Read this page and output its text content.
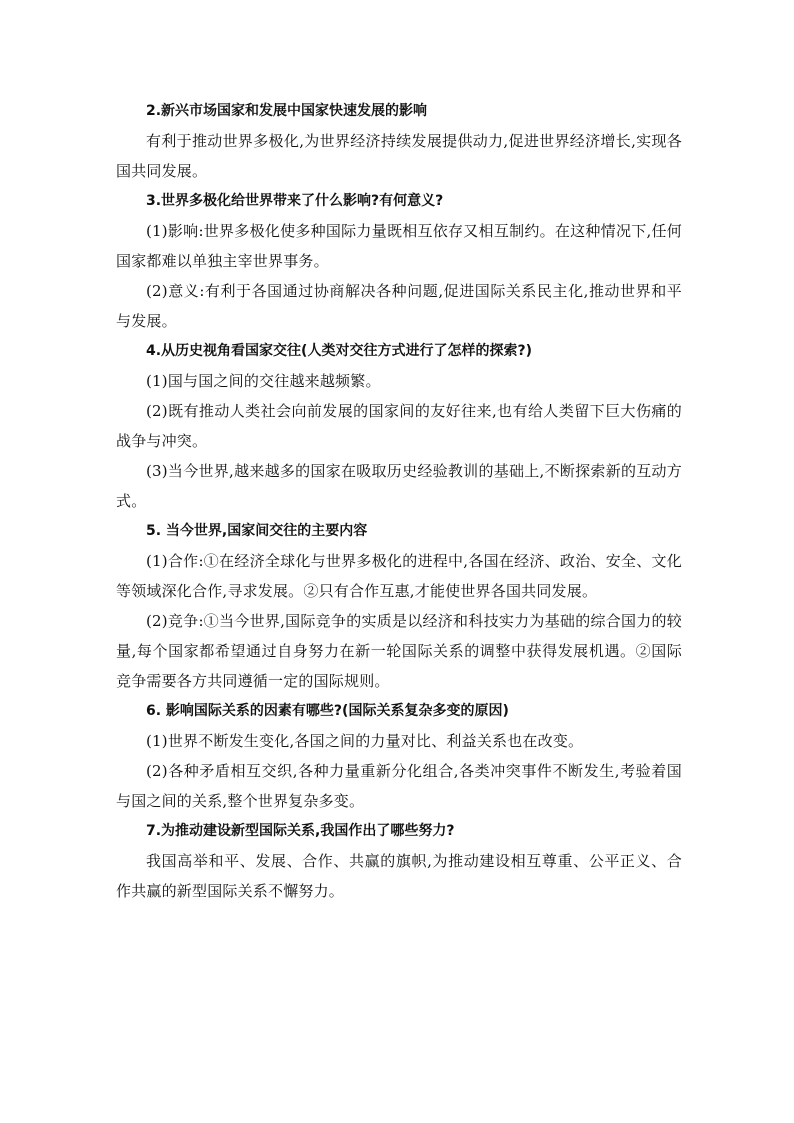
2.新兴市场国家和发展中国家快速发展的影响

有利于推动世界多极化,为世界经济持续发展提供动力,促进世界经济增长,实现各国共同发展。

3.世界多极化给世界带来了什么影响?有何意义?

(1)影响:世界多极化使多种国际力量既相互依存又相互制约。在这种情况下,任何国家都难以单独主宰世界事务。

(2)意义:有利于各国通过协商解决各种问题,促进国际关系民主化,推动世界和平与发展。

4.从历史视角看国家交往(人类对交往方式进行了怎样的探索?)

(1)国与国之间的交往越来越频繁。

(2)既有推动人类社会向前发展的国家间的友好往来,也有给人类留下巨大伤痛的战争与冲突。

(3)当今世界,越来越多的国家在吸取历史经验教训的基础上,不断探索新的互动方式。

5. 当今世界,国家间交往的主要内容

(1)合作:①在经济全球化与世界多极化的进程中,各国在经济、政治、安全、文化等领域深化合作,寻求发展。②只有合作互惠,才能使世界各国共同发展。

(2)竞争:①当今世界,国际竞争的实质是以经济和科技实力为基础的综合国力的较量,每个国家都希望通过自身努力在新一轮国际关系的调整中获得发展机遇。②国际竞争需要各方共同遵循一定的国际规则。

6. 影响国际关系的因素有哪些?(国际关系复杂多变的原因)

(1)世界不断发生变化,各国之间的力量对比、利益关系也在改变。

(2)各种矛盾相互交织,各种力量重新分化组合,各类冲突事件不断发生,考验着国与国之间的关系,整个世界复杂多变。

7.为推动建设新型国际关系,我国作出了哪些努力?

我国高举和平、发展、合作、共赢的旗帜,为推动建设相互尊重、公平正义、合作共赢的新型国际关系不懈努力。
